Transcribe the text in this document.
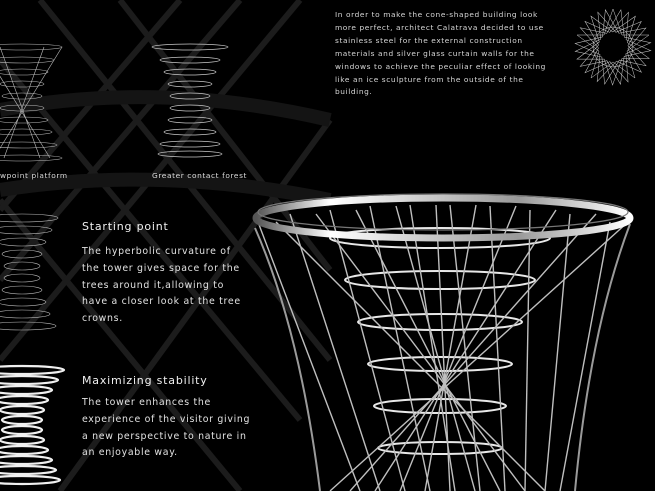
In order to make the cone-shaped building look more perfect, architect Calatrava decided to use stainless steel for the external construction materials and silver glass curtain walls for the windows to achieve the peculiar effect of looking like an ice sculpture from the outside of the building.
wpoint platform	Greater contact forest
Starting point
The hyperbolic curvature of the tower gives space for the trees around it,allowing to have a closer look at the tree crowns.
Maximizing stability
The tower enhances the experience of the visitor giving a new perspective to nature in an enjoyable way.
